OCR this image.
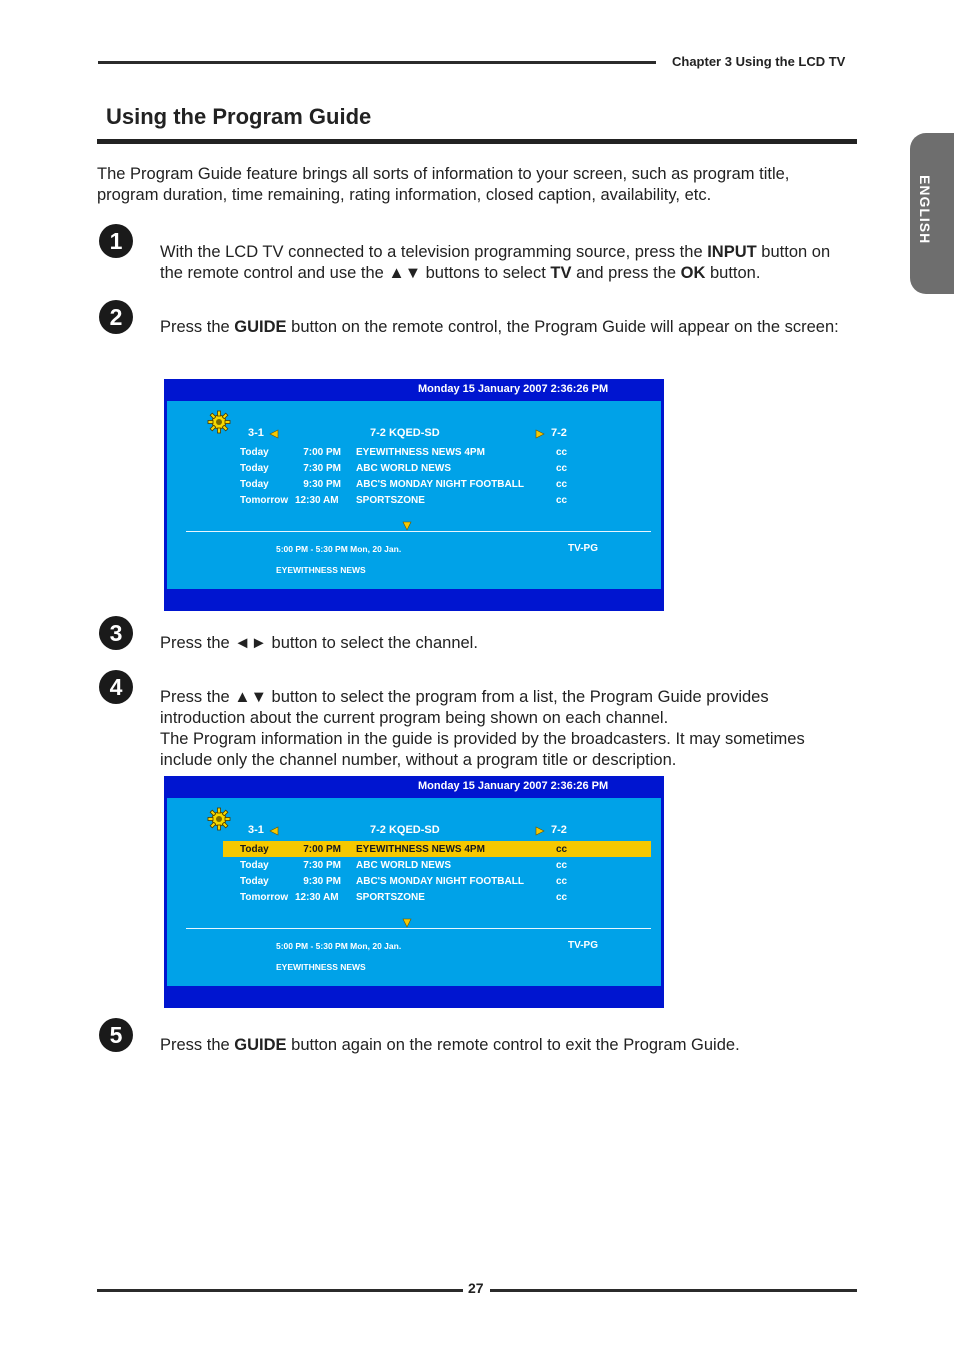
Chapter 3 Using the LCD TV
Using the Program Guide
ENGLISH
The Program Guide feature brings all sorts of information to your screen, such as program title, program duration, time remaining, rating information, closed caption, availability, etc.
1	With the LCD TV connected to a television programming source, press the INPUT button on the remote control and use the ▲▼ buttons to select TV and press the OK button.
2	Press the GUIDE button on the remote control, the Program Guide will appear on the screen:
Monday 15 January 2007 2:36:26 PM
3-1	7-2 KQED-SD	7-2
Today	7:00 PM EYEWITHNESS NEWS 4PM	cc
Today	7:30 PM ABC WORLD NEWS	cc
Today	9:30 PM ABC'S MONDAY NIGHT FOOTBALL	cc
Tomorrow 12:30 AM SPORTSZONE	cc
5:00 PM - 5:30 PM Mon, 20 Jan.	TV-PG
EYEWITHNESS NEWS
3	Press the ◄► button to select the channel.
4	Press the ▲▼ button to select the program from a list, the Program Guide provides introduction about the current program being shown on each channel.
The Program information in the guide is provided by the broadcasters. It may sometimes include only the channel number, without a program title or description.
Monday 15 January 2007 2:36:26 PM
3-1	7-2 KQED-SD	7-2
Today	7:00 PM EYEWITHNESS NEWS 4PM	cc
Today	7:30 PM ABC WORLD NEWS	cc
Today	9:30 PM ABC'S MONDAY NIGHT FOOTBALL	cc
Tomorrow 12:30 AM SPORTSZONE	cc
5:00 PM - 5:30 PM Mon, 20 Jan.	TV-PG
EYEWITHNESS NEWS
5	Press the GUIDE button again on the remote control to exit the Program Guide.
27
